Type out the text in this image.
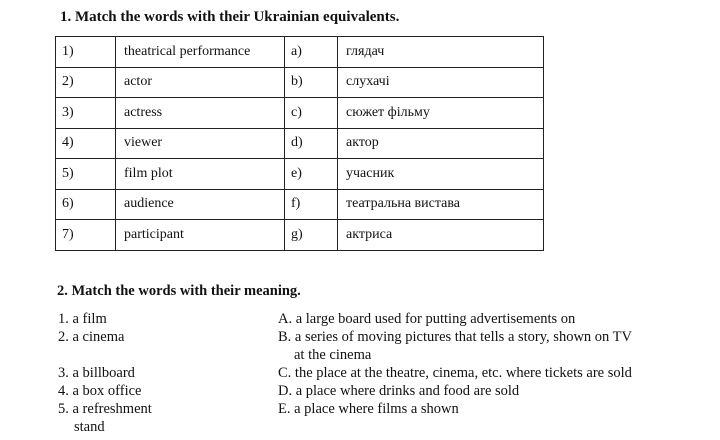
1. Match the words with their Ukrainian equivalents.
1)	theatrical performance	a)	глядач
2)	actor	b)	слухачі
3)	actress	c)	сюжет фільму
4)	viewer	d)	актор
5)	film plot	e)	учасник
6)	audience	f)	театральна вистава
7)	participant	g)	актриса
2. Match the words with their meaning.
1. a film
2. a cinema

3. a billboard
4. a box office
5. a refreshment
stand
A. a large board used for putting advertisements on
B. a series of moving pictures that tells a story, shown on TV
at the cinema
C. the place at the theatre, cinema, etc. where tickets are sold
D. a place where drinks and food are sold
E. a place where films a shown
